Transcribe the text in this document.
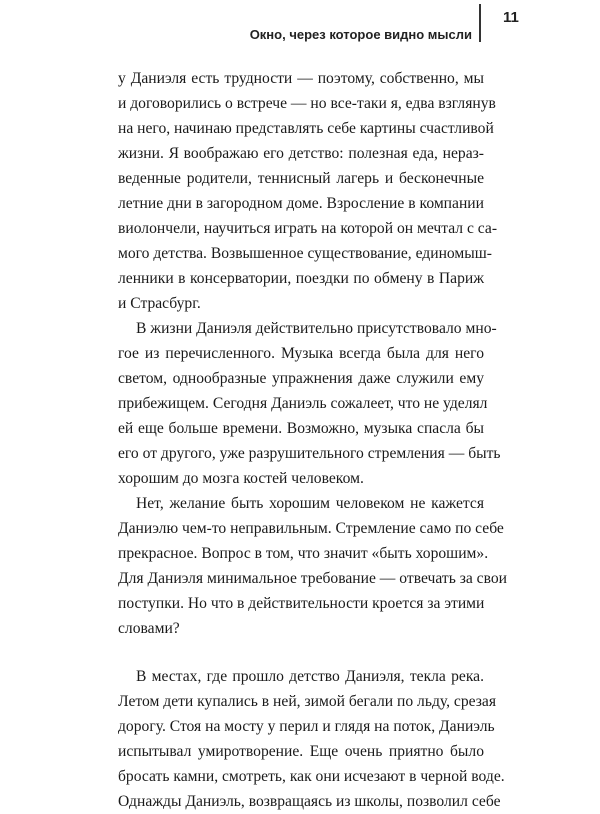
Окно, через которое видно мысли
11
у Даниэля есть трудности — поэтому, собственно, мы
и договорились о встрече — но все-таки я, едва взглянув
на него, начинаю представлять себе картины счастливой
жизни. Я воображаю его детство: полезная еда, нераз-
веденные родители, теннисный лагерь и бесконечные
летние дни в загородном доме. Взросление в компании
виолончели, научиться играть на которой он мечтал с са-
мого детства. Возвышенное существование, единомыш-
ленники в консерватории, поездки по обмену в Париж
и Страсбург.
В жизни Даниэля действительно присутствовало мно-
гое из перечисленного. Музыка всегда была для него
светом, однообразные упражнения даже служили ему
прибежищем. Сегодня Даниэль сожалеет, что не уделял
ей еще больше времени. Возможно, музыка спасла бы
его от другого, уже разрушительного стремления — быть
хорошим до мозга костей человеком.
Нет, желание быть хорошим человеком не кажется
Даниэлю чем-то неправильным. Стремление само по себе
прекрасное. Вопрос в том, что значит «быть хорошим».
Для Даниэля минимальное требование — отвечать за свои
поступки. Но что в действительности кроется за этими
словами?
В местах, где прошло детство Даниэля, текла река.
Летом дети купались в ней, зимой бегали по льду, срезая
дорогу. Стоя на мосту у перил и глядя на поток, Даниэль
испытывал умиротворение. Еще очень приятно было
бросать камни, смотреть, как они исчезают в черной воде.
Однажды Даниэль, возвращаясь из школы, позволил себе
